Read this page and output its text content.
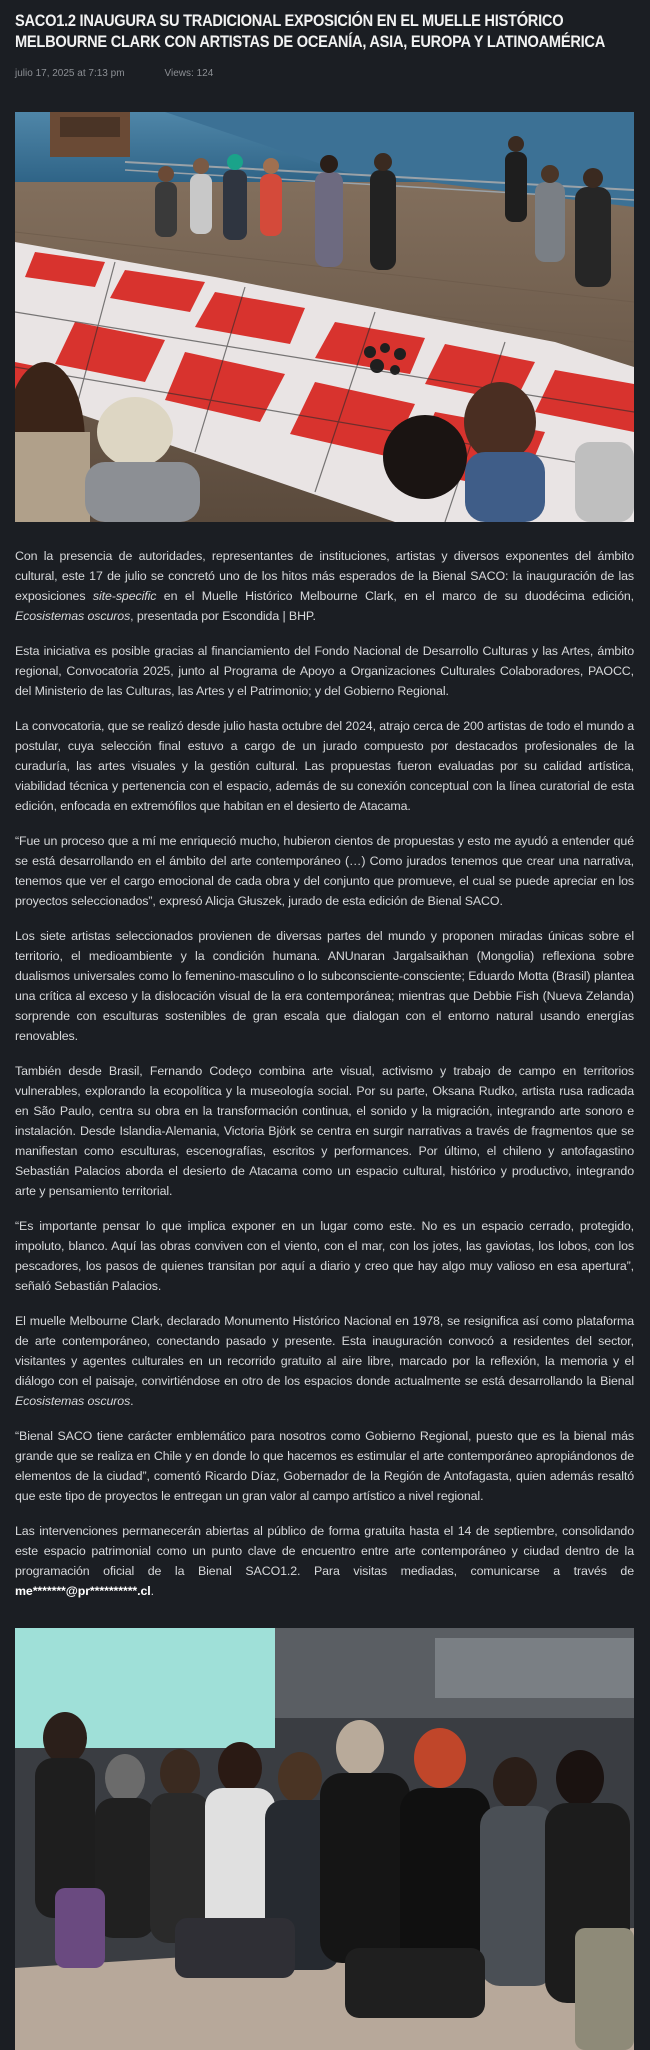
SACO1.2 INAUGURA SU TRADICIONAL EXPOSICIÓN EN EL MUELLE HISTÓRICO MELBOURNE CLARK CON ARTISTAS DE OCEANÍA, ASIA, EUROPA Y LATINOAMÉRICA
julio 17, 2025 at 7:13 pm	Views: 124

Con la presencia de autoridades, representantes de instituciones, artistas y diversos exponentes del ámbito cultural, este 17 de julio se concretó uno de los hitos más esperados de la Bienal SACO: la inauguración de las exposiciones site-specific en el Muelle Histórico Melbourne Clark, en el marco de su duodécima edición, Ecosistemas oscuros, presentada por Escondida | BHP.

Esta iniciativa es posible gracias al financiamiento del Fondo Nacional de Desarrollo Culturas y las Artes, ámbito regional, Convocatoria 2025, junto al Programa de Apoyo a Organizaciones Culturales Colaboradores, PAOCC, del Ministerio de las Culturas, las Artes y el Patrimonio; y del Gobierno Regional.

La convocatoria, que se realizó desde julio hasta octubre del 2024, atrajo cerca de 200 artistas de todo el mundo a postular, cuya selección final estuvo a cargo de un jurado compuesto por destacados profesionales de la curaduría, las artes visuales y la gestión cultural. Las propuestas fueron evaluadas por su calidad artística, viabilidad técnica y pertenencia con el espacio, además de su conexión conceptual con la línea curatorial de esta edición, enfocada en extremófilos que habitan en el desierto de Atacama.

“Fue un proceso que a mí me enriqueció mucho, hubieron cientos de propuestas y esto me ayudó a entender qué se está desarrollando en el ámbito del arte contemporáneo (…) Como jurados tenemos que crear una narrativa, tenemos que ver el cargo emocional de cada obra y del conjunto que promueve, el cual se puede apreciar en los proyectos seleccionados”, expresó Alicja Głuszek, jurado de esta edición de Bienal SACO.

Los siete artistas seleccionados provienen de diversas partes del mundo y proponen miradas únicas sobre el territorio, el medioambiente y la condición humana. ANUnaran Jargalsaikhan (Mongolia) reflexiona sobre dualismos universales como lo femenino-masculino o lo subconsciente-consciente; Eduardo Motta (Brasil) plantea una crítica al exceso y la dislocación visual de la era contemporánea; mientras que Debbie Fish (Nueva Zelanda) sorprende con esculturas sostenibles de gran escala que dialogan con el entorno natural usando energías renovables.

También desde Brasil, Fernando Codeço combina arte visual, activismo y trabajo de campo en territorios vulnerables, explorando la ecopolítica y la museología social. Por su parte, Oksana Rudko, artista rusa radicada en São Paulo, centra su obra en la transformación continua, el sonido y la migración, integrando arte sonoro e instalación. Desde Islandia-Alemania, Victoria Björk se centra en surgir narrativas a través de fragmentos que se manifiestan como esculturas, escenografías, escritos y performances. Por último, el chileno y antofagastino Sebastián Palacios aborda el desierto de Atacama como un espacio cultural, histórico y productivo, integrando arte y pensamiento territorial.

“Es importante pensar lo que implica exponer en un lugar como este. No es un espacio cerrado, protegido, impoluto, blanco. Aquí las obras conviven con el viento, con el mar, con los jotes, las gaviotas, los lobos, con los pescadores, los pasos de quienes transitan por aquí a diario y creo que hay algo muy valioso en esa apertura”, señaló Sebastián Palacios.

El muelle Melbourne Clark, declarado Monumento Histórico Nacional en 1978, se resignifica así como plataforma de arte contemporáneo, conectando pasado y presente. Esta inauguración convocó a residentes del sector, visitantes y agentes culturales en un recorrido gratuito al aire libre, marcado por la reflexión, la memoria y el diálogo con el paisaje, convirtiéndose en otro de los espacios donde actualmente se está desarrollando la Bienal Ecosistemas oscuros.

“Bienal SACO tiene carácter emblemático para nosotros como Gobierno Regional, puesto que es la bienal más grande que se realiza en Chile y en donde lo que hacemos es estimular el arte contemporáneo apropiándonos de elementos de la ciudad”, comentó Ricardo Díaz, Gobernador de la Región de Antofagasta, quien además resaltó que este tipo de proyectos le entregan un gran valor al campo artístico a nivel regional.

Las intervenciones permanecerán abiertas al público de forma gratuita hasta el 14 de septiembre, consolidando este espacio patrimonial como un punto clave de encuentro entre arte contemporáneo y ciudad dentro de la programación oficial de la Bienal SACO1.2. Para visitas mediadas, comunicarse a través de me*******@pr**********.cl.
